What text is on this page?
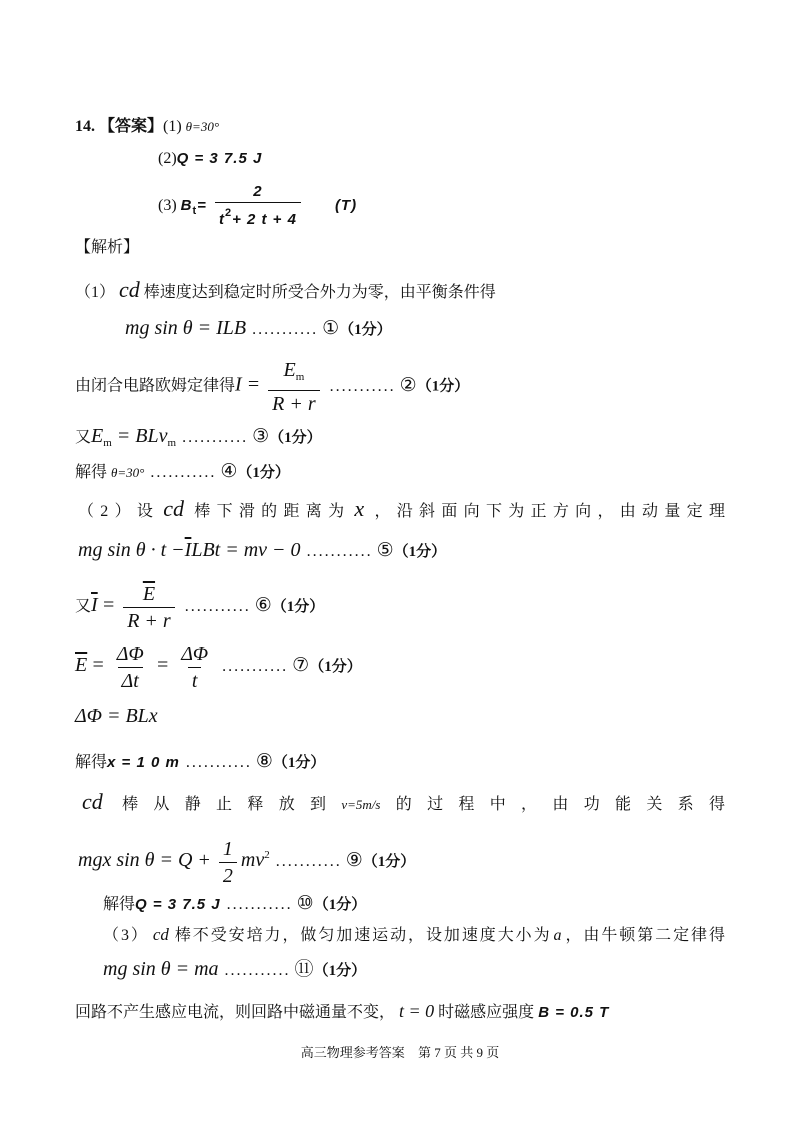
14. 【答案】(1) θ=30°
(2)Q = 3 7.5 J
(3) $B_t= \frac{2}{t^2+ 2 t + 4} (T)$
【解析】
（1） cd 棒速度达到稳定时所受合外力为零，由平衡条件得
mg sin θ = ILB ........... ①（1分）
由闭合电路欧姆定律得$I = \frac{E_m}{R + r}$ ........... ②（1分）
又$E_m = BLv_m$ ........... ③（1分）
解得 θ=30° ........... ④（1分）
（2）设 cd 棒下滑的距离为 x ，沿斜面向下为正方向，由动量定理
mg $\sin \theta \cdot t -\overline{I}LBt$ = mv − 0 ........... ⑤（1分）
又$\overline{I} = \frac{\overline{E}}{R + r}$ ........... ⑥（1分）
$\overline{E} = \frac{\Delta\Phi}{\Delta t} = \frac{\Delta\Phi}{t}$ ........... ⑦（1分）
ΔΦ = BLx
解得x = 1 0 m ........... ⑧（1分）
cd 棒从静止释放到v=5m/s的过程中，由功能关系得
mgx $\sin \theta = Q + \frac{1}{2} mv^2$ ........... ⑨（1分）
解得Q = 3 7.5 J ........... ⑩（1分）
（3） cd 棒不受安培力，做匀加速运动，设加速度大小为 a ，由牛顿第二定律得
mg sin θ = ma ........... ⑪（1分）
回路不产生感应电流，则回路中磁通量不变， t = 0 时磁感应强度 B = 0.5 T
高三物理参考答案 第 7 页 共 9 页
